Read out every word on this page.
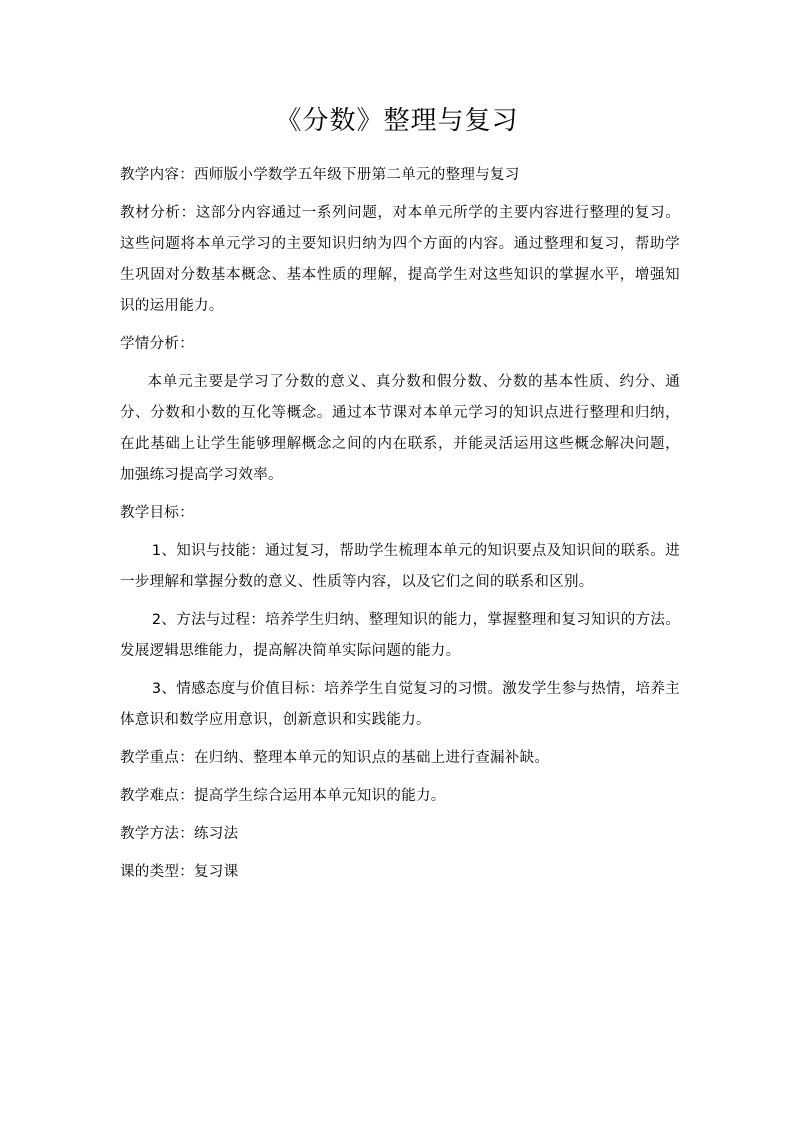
《分数》整理与复习

教学内容：西师版小学数学五年级下册第二单元的整理与复习

教材分析：这部分内容通过一系列问题，对本单元所学的主要内容进行整理的复习。这些问题将本单元学习的主要知识归纳为四个方面的内容。通过整理和复习，帮助学生巩固对分数基本概念、基本性质的理解，提高学生对这些知识的掌握水平，增强知识的运用能力。

学情分析：

本单元主要是学习了分数的意义、真分数和假分数、分数的基本性质、约分、通分、分数和小数的互化等概念。通过本节课对本单元学习的知识点进行整理和归纳，在此基础上让学生能够理解概念之间的内在联系，并能灵活运用这些概念解决问题，加强练习提高学习效率。

教学目标：

1、知识与技能：通过复习，帮助学生梳理本单元的知识要点及知识间的联系。进一步理解和掌握分数的意义、性质等内容，以及它们之间的联系和区别。

2、方法与过程：培养学生归纳、整理知识的能力，掌握整理和复习知识的方法。发展逻辑思维能力，提高解决简单实际问题的能力。

3、情感态度与价值目标：培养学生自觉复习的习惯。激发学生参与热情，培养主体意识和数学应用意识，创新意识和实践能力。

教学重点：在归纳、整理本单元的知识点的基础上进行查漏补缺。

教学难点：提高学生综合运用本单元知识的能力。

教学方法：练习法

课的类型：复习课
